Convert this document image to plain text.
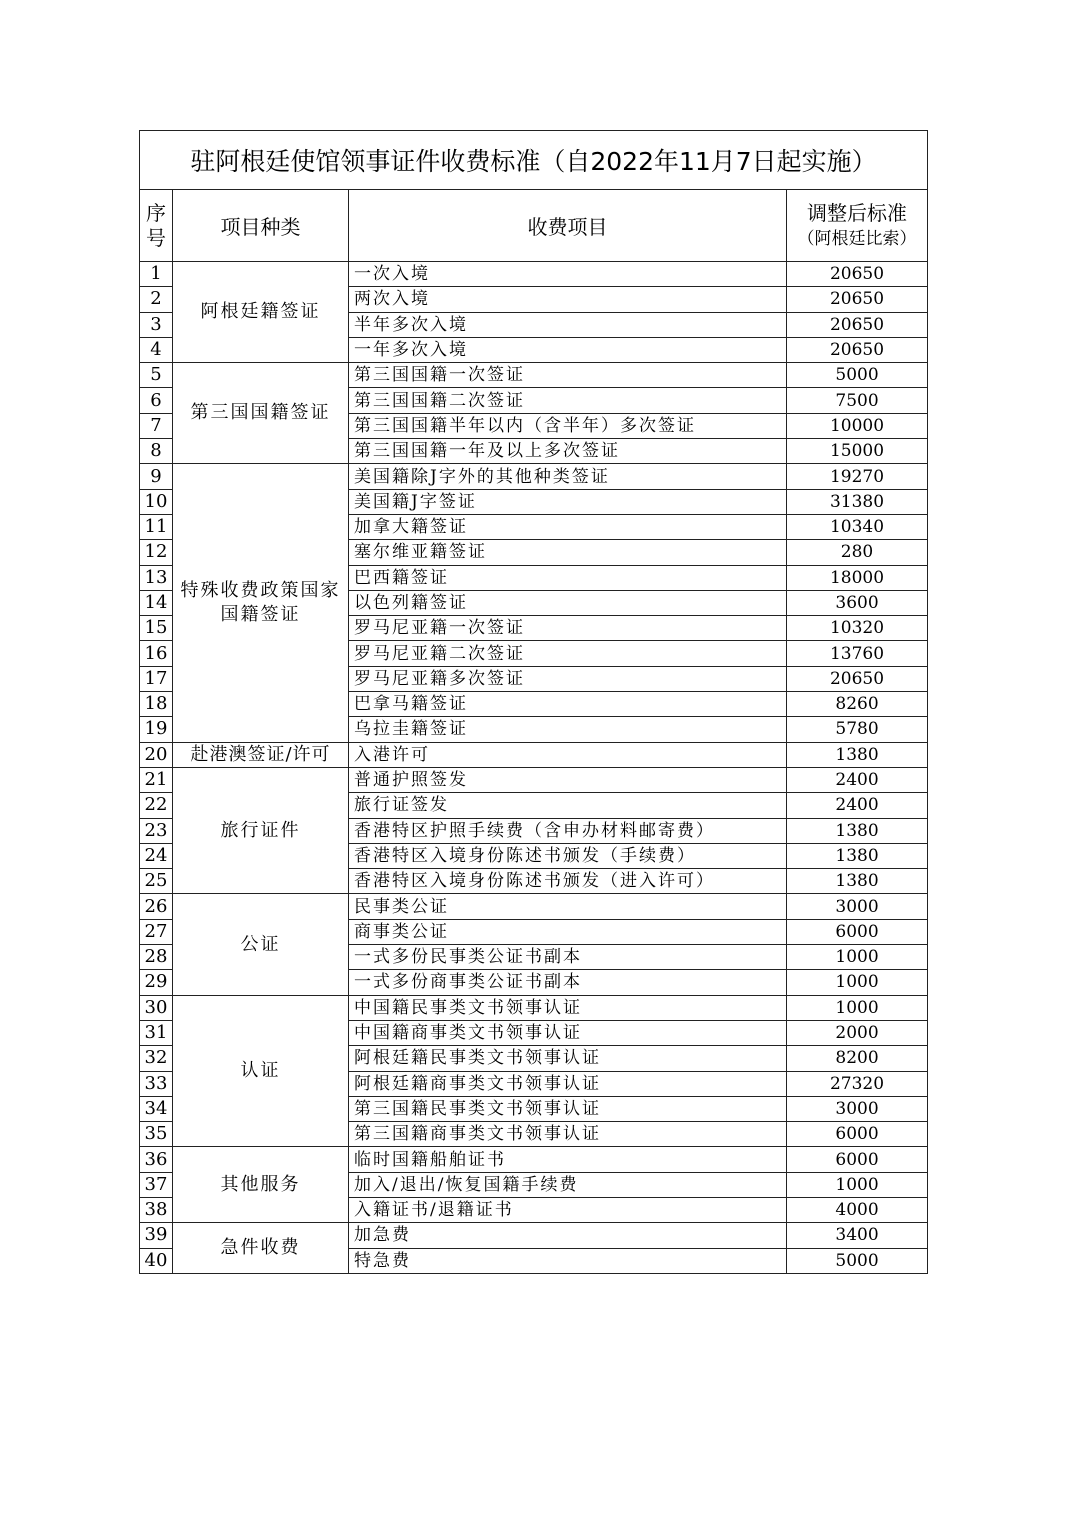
驻阿根廷使馆领事证件收费标准（自2022年11月7日起实施）			
序号	项目种类	收费项目	调整后标准
（阿根廷比索）

1	阿根廷籍签证	一次入境	20650
2		两次入境	20650
3		半年多次入境	20650
4		一年多次入境	20650
5	第三国国籍签证	第三国国籍一次签证	5000
6		第三国国籍二次签证	7500
7		第三国国籍半年以内（含半年）多次签证	10000
8		第三国国籍一年及以上多次签证	15000
9	特殊收费政策国家国籍签证	美国籍除J字外的其他种类签证	19270
10		美国籍J字签证	31380
11		加拿大籍签证	10340
12		塞尔维亚籍签证	280
13		巴西籍签证	18000
14		以色列籍签证	3600
15		罗马尼亚籍一次签证	10320
16		罗马尼亚籍二次签证	13760
17		罗马尼亚籍多次签证	20650
18		巴拿马籍签证	8260
19		乌拉圭籍签证	5780
20	赴港澳签证/许可	入港许可	1380
21	旅行证件	普通护照签发	2400
22		旅行证签发	2400
23		香港特区护照手续费（含申办材料邮寄费）	1380
24		香港特区入境身份陈述书颁发（手续费）	1380
25		香港特区入境身份陈述书颁发（进入许可）	1380
26	公证	民事类公证	3000
27		商事类公证	6000
28		一式多份民事类公证书副本	1000
29		一式多份商事类公证书副本	1000
30	认证	中国籍民事类文书领事认证	1000
31		中国籍商事类文书领事认证	2000
32		阿根廷籍民事类文书领事认证	8200
33		阿根廷籍商事类文书领事认证	27320
34		第三国籍民事类文书领事认证	3000
35		第三国籍商事类文书领事认证	6000
36	其他服务	临时国籍船舶证书	6000
37		加入/退出/恢复国籍手续费	1000
38		入籍证书/退籍证书	4000
39	急件收费	加急费	3400
40		特急费	5000
